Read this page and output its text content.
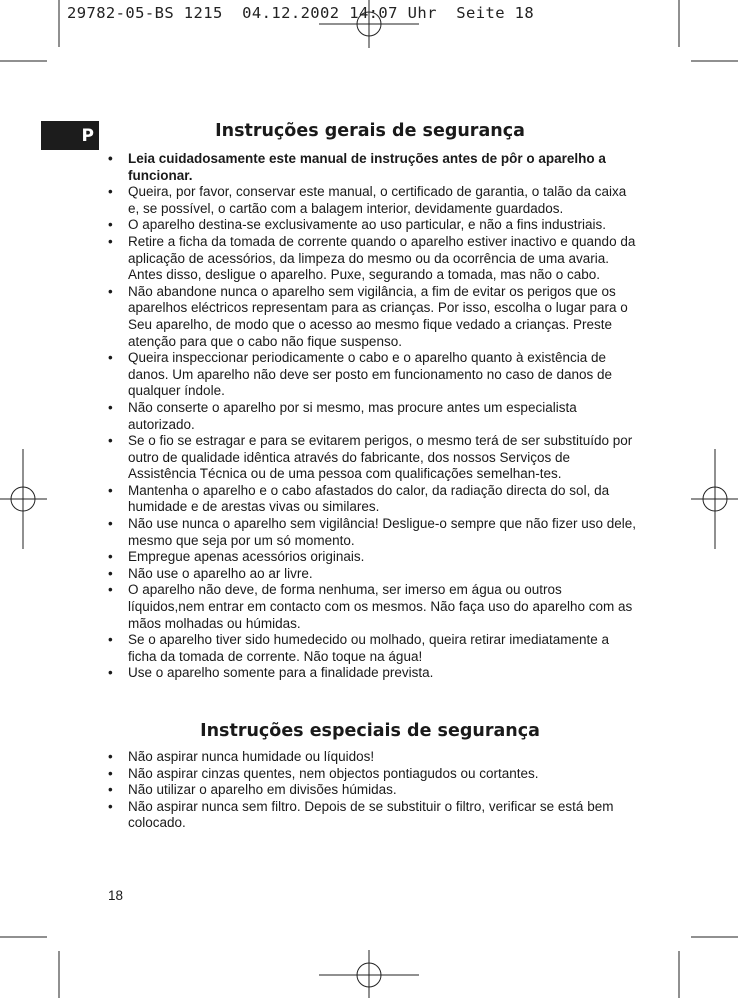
29782-05-BS 1215  04.12.2002 14:07 Uhr  Seite 18
P	Instruções gerais de segurança
• Leia cuidadosamente este manual de instruções antes de pôr o aparelho a funcionar.
• Queira, por favor, conservar este manual, o certificado de garantia, o talão da caixa e, se possível, o cartão com a balagem interior, devidamente guardados.
• O aparelho destina-se exclusivamente ao uso particular, e não a fins industriais.
• Retire a ficha da tomada de corrente quando o aparelho estiver inactivo e quando da aplicação de acessórios, da limpeza do mesmo ou da ocorrência de uma avaria. Antes disso, desligue o aparelho. Puxe, segurando a tomada, mas não o cabo.
• Não abandone nunca o aparelho sem vigilância, a fim de evitar os perigos que os aparelhos eléctricos representam para as crianças. Por isso, escolha o lugar para o Seu aparelho, de modo que o acesso ao mesmo fique vedado a crianças. Preste atenção para que o cabo não fique suspenso.
• Queira inspeccionar periodicamente o cabo e o aparelho quanto à existência de danos. Um aparelho não deve ser posto em funcionamento no caso de danos de qualquer índole.
• Não conserte o aparelho por si mesmo, mas procure antes um especialista autorizado.
• Se o fio se estragar e para se evitarem perigos, o mesmo terá de ser substituído por outro de qualidade idêntica através do fabricante, dos nossos Serviços de Assistência Técnica ou de uma pessoa com qualificações semelhan-tes.
• Mantenha o aparelho e o cabo afastados do calor, da radiação directa do sol, da humidade e de arestas vivas ou similares.
• Não use nunca o aparelho sem vigilância! Desligue-o sempre que não fizer uso dele, mesmo que seja por um só momento.
• Empregue apenas acessórios originais.
• Não use o aparelho ao ar livre.
• O aparelho não deve, de forma nenhuma, ser imerso em água ou outros líquidos,nem entrar em contacto com os mesmos. Não faça uso do aparelho com as mãos molhadas ou húmidas.
• Se o aparelho tiver sido humedecido ou molhado, queira retirar imediatamente a ficha da tomada de corrente. Não toque na água!
• Use o aparelho somente para a finalidade prevista.
Instruções especiais de segurança
• Não aspirar nunca humidade ou líquidos!
• Não aspirar cinzas quentes, nem objectos pontiagudos ou cortantes.
• Não utilizar o aparelho em divisões húmidas.
• Não aspirar nunca sem filtro. Depois de se substituir o filtro, verificar se está bem colocado.
18
